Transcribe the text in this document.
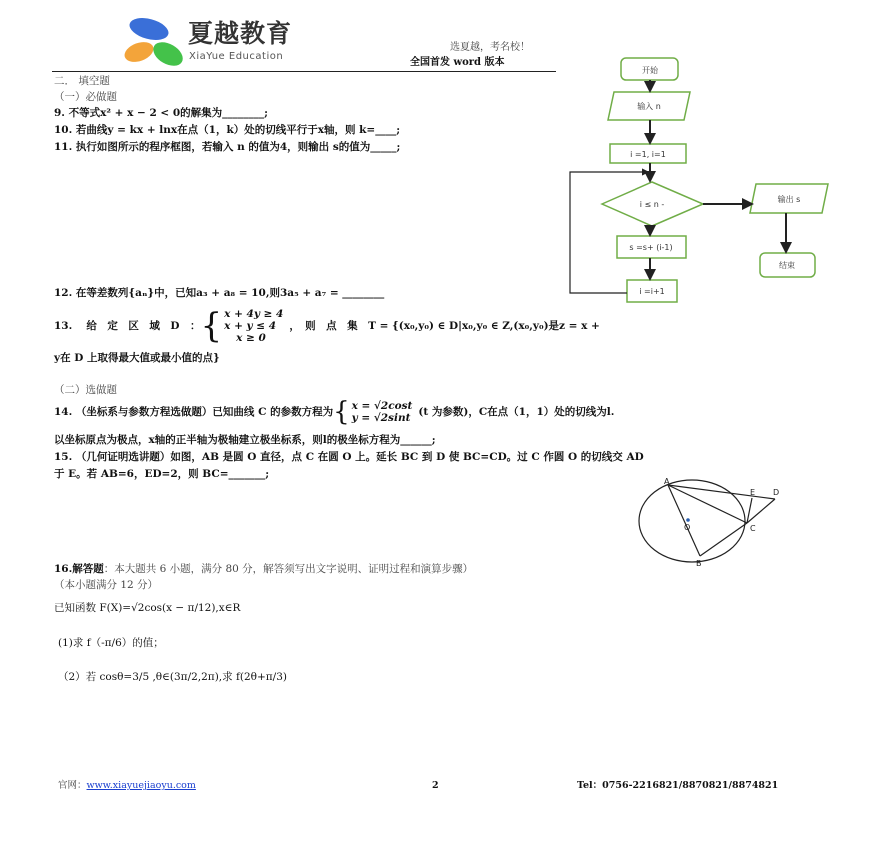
夏越教育
XiaYue Education
选夏越，考名校！
全国首发 word 版本
二． 填空题
（一）必做题
9. 不等式x² + x − 2 < 0的解集为________;
10. 若曲线y = kx + lnx在点（1，k）处的切线平行于x轴，则 k=____;
11. 执行如图所示的程序框图，若输入 n 的值为4，则输出 s的值为_____;
12. 在等差数列{aₙ}中，已知a₃ + a₈ = 10,则3a₅ + a₇ = ________
13.　 给　定　区　域　D　： { x + 4y ≥ 4
x + y ≤ 4
x ≥ 0
，　则　点　集　T = {(x₀,y₀) ∈ D|x₀,y₀ ∈ Z,(x₀,y₀)是z = x +
y在 D 上取得最大值或最小值的点}
（二）选做题
14. （坐标系与参数方程选做题）已知曲线 C 的参数方程为 { x = √2cost
y = √2sint (t 为参数)，C在点（1，1）处的切线为l.
以坐标原点为极点，x轴的正半轴为极轴建立极坐标系，则l的极坐标方程为______;
15. （几何证明选讲题）如图，AB 是圆 O 直径，点 C 在圆 O 上。延长 BC 到 D 使 BC=CD。过 C 作圆 O 的切线交 AD
于 E。若 AB=6，ED=2，则 BC=_______;
开始
输入 n
i =1, i=1
i ≤ n -
s =s+ (i-1)
i =i+1
输出 s
结束
A
E D
O	C
B
16.解答题：本大题共 6 小题，满分 80 分，解答须写出文字说明、证明过程和演算步骤）
（本小题满分 12 分）
已知函数 F(X)=√2cos(x − π/12),x∈R
(1)求 f（-π/6）的值；
（2）若 cosθ=3/5 ,θ∈(3π/2,2π),求 f(2θ+π/3)
官网：www.xiayuejiaoyu.com	2	Tel：0756-2216821/8870821/8874821
